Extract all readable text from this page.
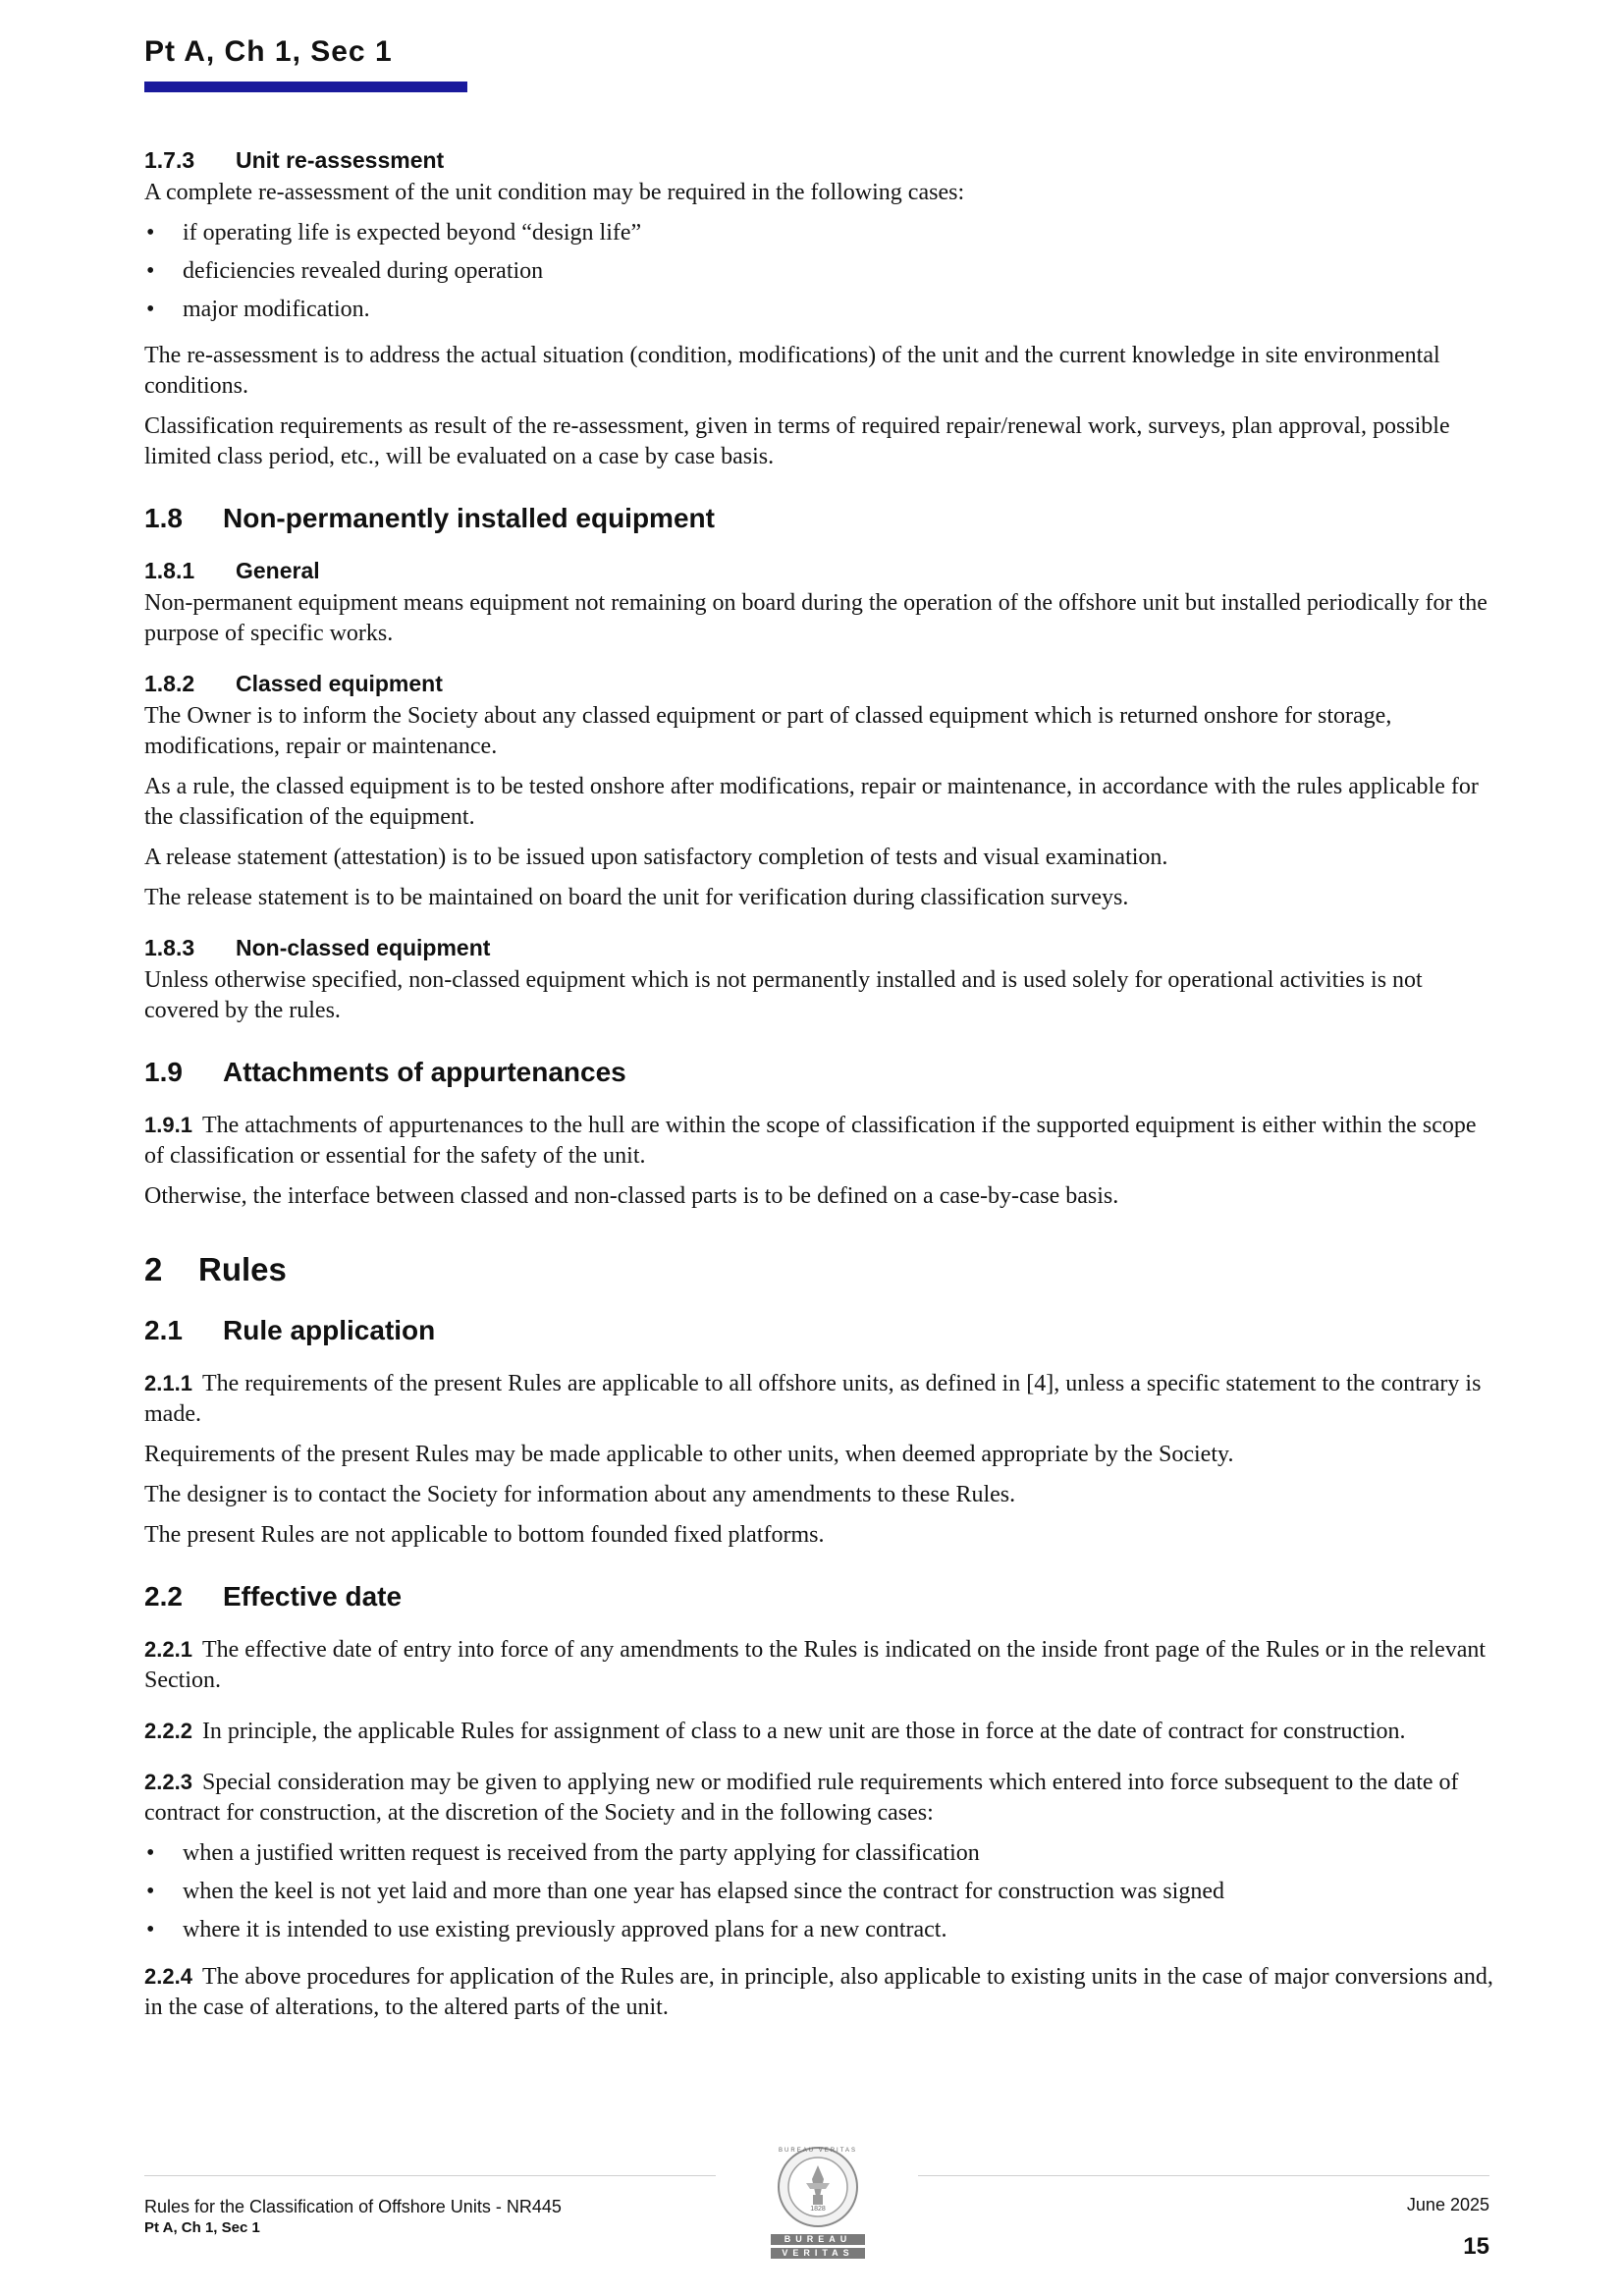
Pt A, Ch 1, Sec 1
1.7.3 Unit re-assessment

A complete re-assessment of the unit condition may be required in the following cases:

• if operating life is expected beyond “design life”
• deficiencies revealed during operation
• major modification.

The re-assessment is to address the actual situation (condition, modifications) of the unit and the current knowledge in site environmental conditions.

Classification requirements as result of the re-assessment, given in terms of required repair/renewal work, surveys, plan approval, possible limited class period, etc., will be evaluated on a case by case basis.

1.8 Non-permanently installed equipment
1.8.1 General

Non-permanent equipment means equipment not remaining on board during the operation of the offshore unit but installed periodically for the purpose of specific works.

1.8.2 Classed equipment

The Owner is to inform the Society about any classed equipment or part of classed equipment which is returned onshore for storage, modifications, repair or maintenance.

As a rule, the classed equipment is to be tested onshore after modifications, repair or maintenance, in accordance with the rules applicable for the classification of the equipment.

A release statement (attestation) is to be issued upon satisfactory completion of tests and visual examination.

The release statement is to be maintained on board the unit for verification during classification surveys.

1.8.3 Non-classed equipment

Unless otherwise specified, non-classed equipment which is not permanently installed and is used solely for operational activities is not covered by the rules.

1.9 Attachments of appurtenances

1.9.1 The attachments of appurtenances to the hull are within the scope of classification if the supported equipment is either within the scope of classification or essential for the safety of the unit.

Otherwise, the interface between classed and non-classed parts is to be defined on a case-by-case basis.

2 Rules
2.1 Rule application

2.1.1 The requirements of the present Rules are applicable to all offshore units, as defined in [4], unless a specific statement to the contrary is made.

Requirements of the present Rules may be made applicable to other units, when deemed appropriate by the Society.

The designer is to contact the Society for information about any amendments to these Rules.

The present Rules are not applicable to bottom founded fixed platforms.

2.2 Effective date

2.2.1 The effective date of entry into force of any amendments to the Rules is indicated on the inside front page of the Rules or in the relevant Section.

2.2.2 In principle, the applicable Rules for assignment of class to a new unit are those in force at the date of contract for construction.

2.2.3 Special consideration may be given to applying new or modified rule requirements which entered into force subsequent to the date of contract for construction, at the discretion of the Society and in the following cases:

• when a justified written request is received from the party applying for classification
• when the keel is not yet laid and more than one year has elapsed since the contract for construction was signed
• where it is intended to use existing previously approved plans for a new contract.

2.2.4 The above procedures for application of the Rules are, in principle, also applicable to existing units in the case of major conversions and, in the case of alterations, to the altered parts of the unit.

Rules for the Classification of Offshore Units - NR445
Pt A, Ch 1, Sec 1
June 2025
15
BUREAU
VERITAS
BUREAU VERITAS
1828
